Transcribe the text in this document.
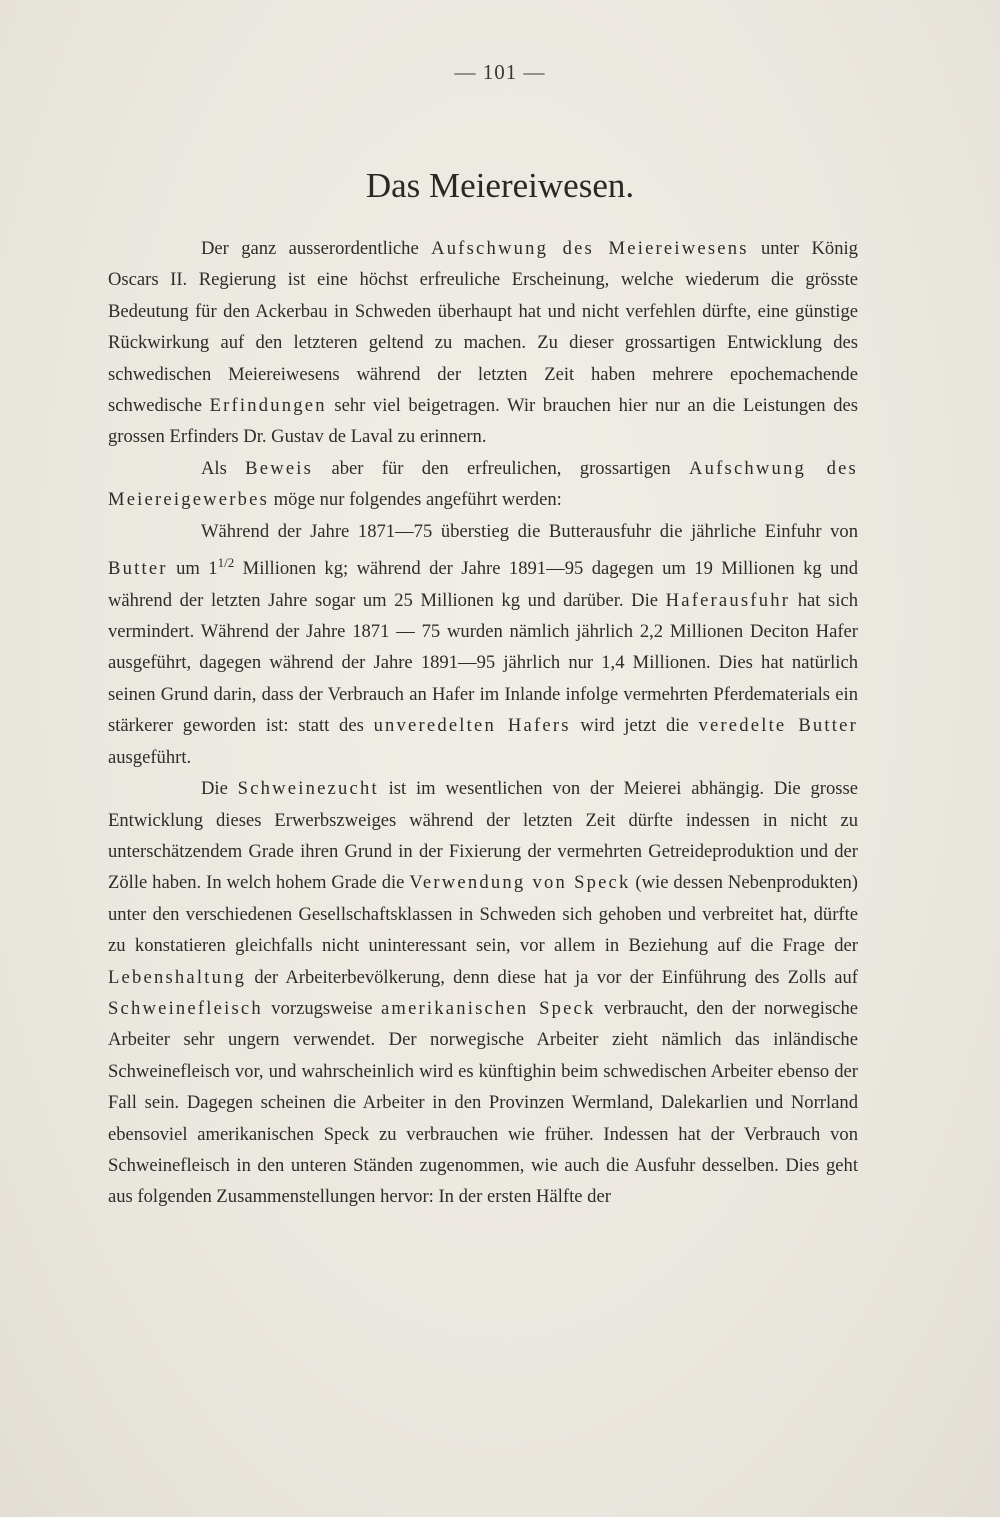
— 101 —
Das Meiereiwesen.

Der ganz ausserordentliche Aufschwung des Meiereiwesens unter König Oscars II. Regierung ist eine höchst erfreuliche Erscheinung, welche wiederum die grösste Bedeutung für den Ackerbau in Schweden überhaupt hat und nicht verfehlen dürfte, eine günstige Rückwirkung auf den letzteren geltend zu machen. Zu dieser grossartigen Entwicklung des schwedischen Meiereiwesens während der letzten Zeit haben mehrere epochemachende schwedische Erfindungen sehr viel beigetragen. Wir brauchen hier nur an die Leistungen des grossen Erfinders Dr. Gustav de Laval zu erinnern.

Als Beweis aber für den erfreulichen, grossartigen Aufschwung des Meiereigewerbes möge nur folgendes angeführt werden:

Während der Jahre 1871—75 überstieg die Butterausfuhr die jährliche Einfuhr von Butter um $1^{1/2}$ Millionen kg; während der Jahre 1891—95 dagegen um 19 Millionen kg und während der letzten Jahre sogar um 25 Millionen kg und darüber. Die Haferausfuhr hat sich vermindert. Während der Jahre 1871 — 75 wurden nämlich jährlich 2,2 Millionen Deciton Hafer ausgeführt, dagegen während der Jahre 1891—95 jährlich nur 1,4 Millionen. Dies hat natürlich seinen Grund darin, dass der Verbrauch an Hafer im Inlande infolge vermehrten Pferdematerials ein stärkerer geworden ist: statt des unveredelten Hafers wird jetzt die veredelte Butter ausgeführt.

Die Schweinezucht ist im wesentlichen von der Meierei abhängig. Die grosse Entwicklung dieses Erwerbszweiges während der letzten Zeit dürfte indessen in nicht zu unterschätzendem Grade ihren Grund in der Fixierung der vermehrten Getreideproduktion und der Zölle haben. In welch hohem Grade die Verwendung von Speck (wie dessen Nebenprodukten) unter den verschiedenen Gesellschaftsklassen in Schweden sich gehoben und verbreitet hat, dürfte zu konstatieren gleichfalls nicht uninteressant sein, vor allem in Beziehung auf die Frage der Lebenshaltung der Arbeiterbevölkerung, denn diese hat ja vor der Einführung des Zolls auf Schweinefleisch vorzugsweise amerikanischen Speck verbraucht, den der norwegische Arbeiter sehr ungern verwendet. Der norwegische Arbeiter zieht nämlich das inländische Schweinefleisch vor, und wahrscheinlich wird es künftighin beim schwedischen Arbeiter ebenso der Fall sein. Dagegen scheinen die Arbeiter in den Provinzen Wermland, Dalekarlien und Norrland ebensoviel amerikanischen Speck zu verbrauchen wie früher. Indessen hat der Verbrauch von Schweinefleisch in den unteren Ständen zugenommen, wie auch die Ausfuhr desselben. Dies geht aus folgenden Zusammenstellungen hervor: In der ersten Hälfte der
